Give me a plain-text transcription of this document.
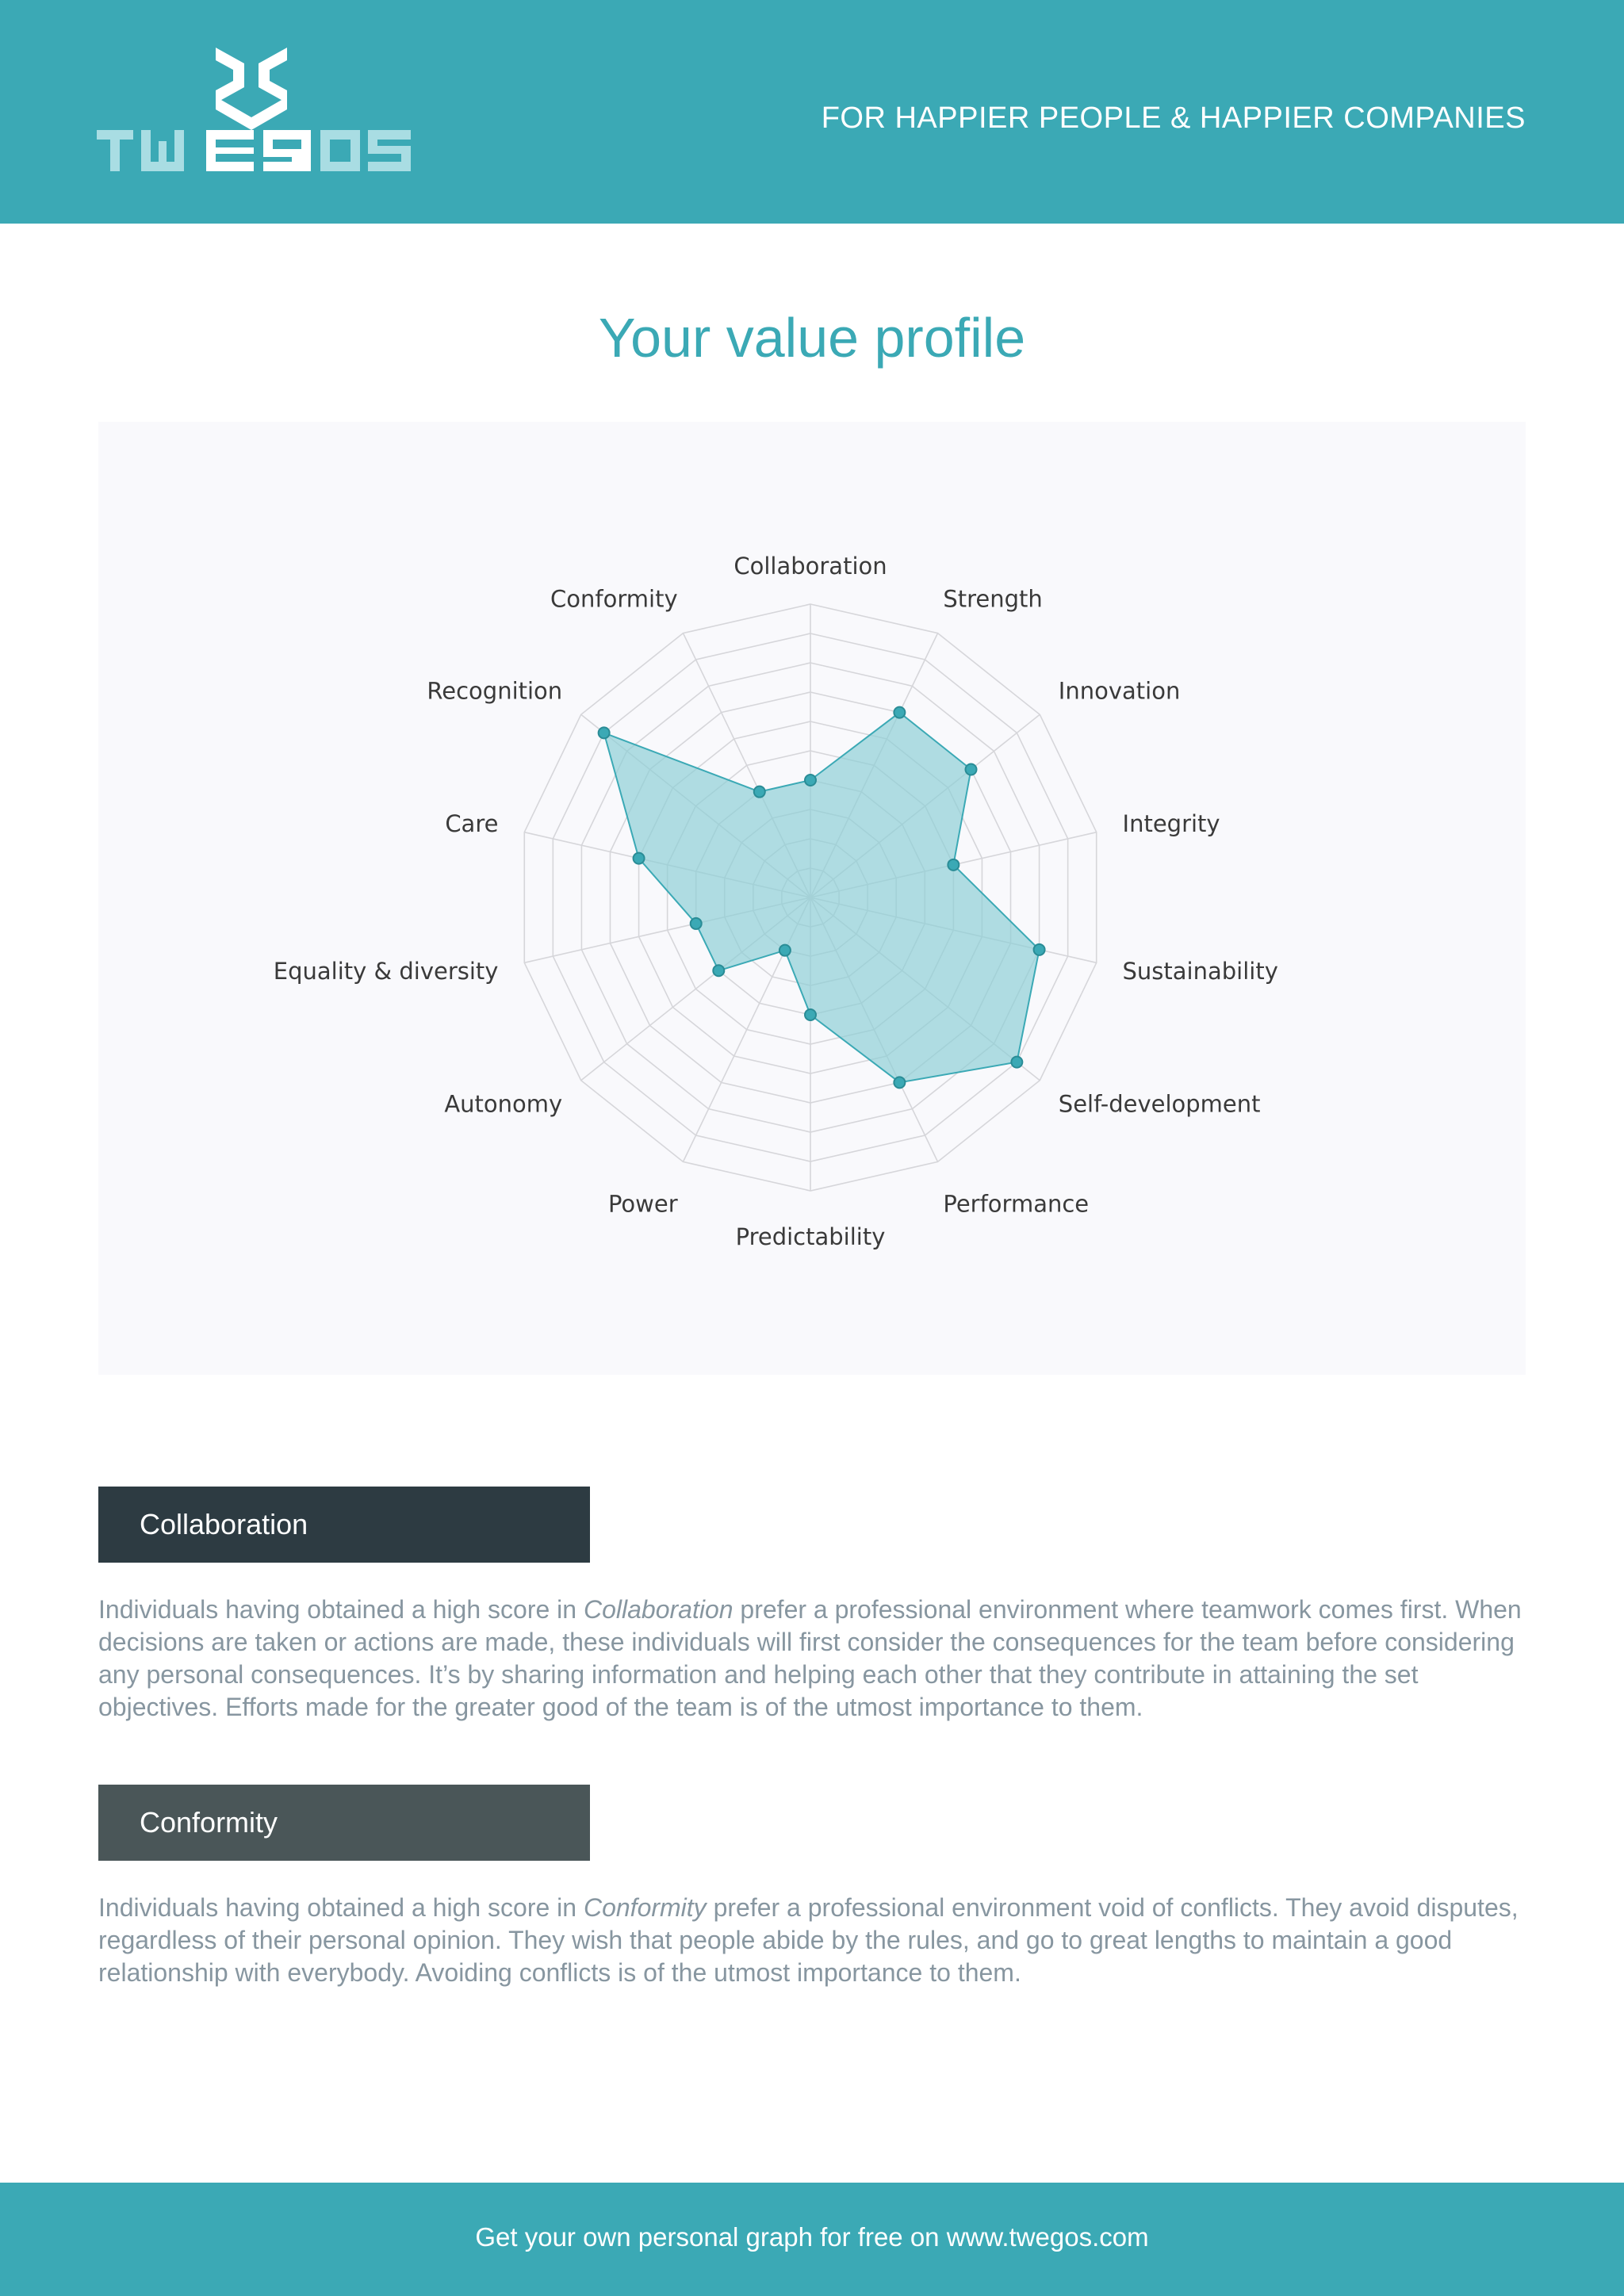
FOR HAPPIER PEOPLE & HAPPIER COMPANIES
Your value profile
Collaboration
Strength
Innovation
Integrity
Sustainability
Self-development
Performance
Predictability
Power
Autonomy
Equality & diversity
Care
Recognition
Conformity
Collaboration
Individuals having obtained a high score in Collaboration prefer a professional environment where teamwork comes first. When decisions are taken or actions are made, these individuals will first consider the consequences for the team before considering any personal consequences. It’s by sharing information and helping each other that they contribute in attaining the set objectives. Efforts made for the greater good of the team is of the utmost importance to them.
Conformity
Individuals having obtained a high score in Conformity prefer a professional environment void of conflicts. They avoid disputes, regardless of their personal opinion. They wish that people abide by the rules, and go to great lengths to maintain a good relationship with everybody. Avoiding conflicts is of the utmost importance to them.
Get your own personal graph for free on www.twegos.com
